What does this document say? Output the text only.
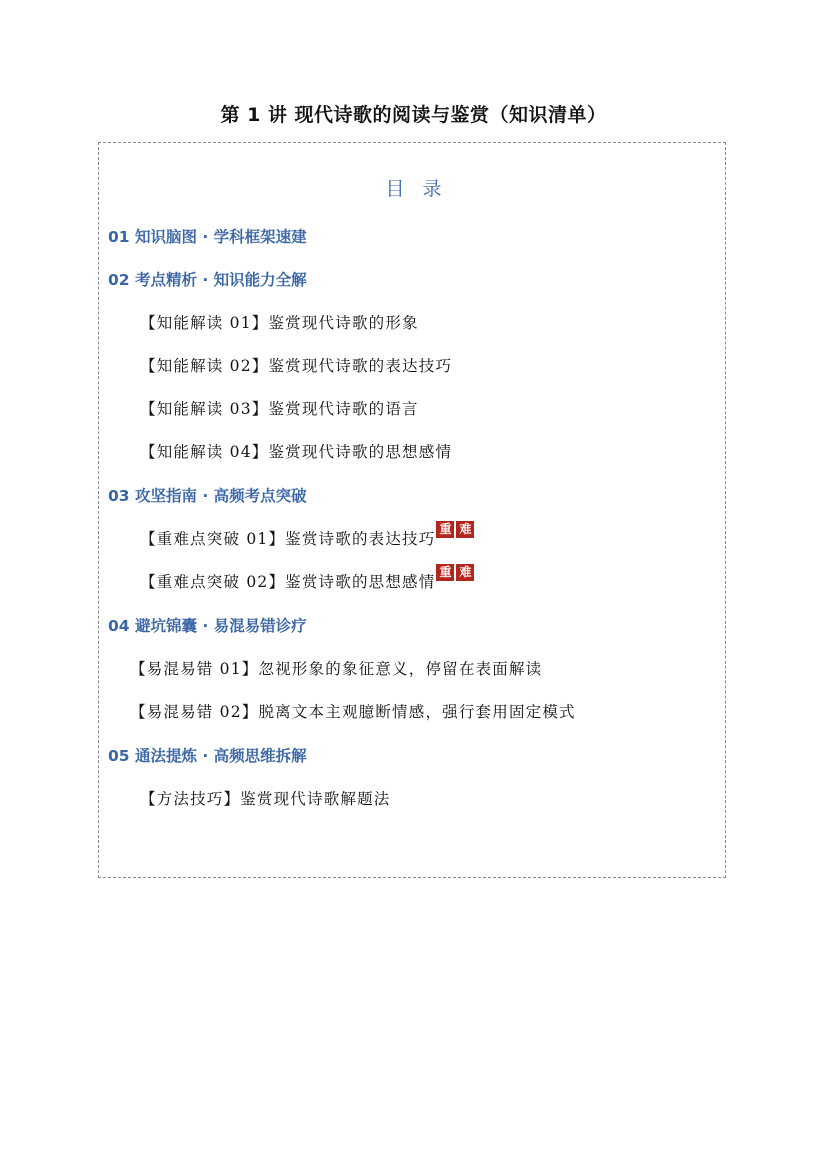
第 1 讲 现代诗歌的阅读与鉴赏（知识清单）
目录
01 知识脑图 · 学科框架速建
02 考点精析 · 知识能力全解
【知能解读 01】鉴赏现代诗歌的形象
【知能解读 02】鉴赏现代诗歌的表达技巧
【知能解读 03】鉴赏现代诗歌的语言
【知能解读 04】鉴赏现代诗歌的思想感情
03 攻坚指南 · 高频考点突破
【重难点突破 01】鉴赏诗歌的表达技巧重 难
【重难点突破 02】鉴赏诗歌的思想感情重 难
04 避坑锦囊 · 易混易错诊疗
【易混易错 01】忽视形象的象征意义，停留在表面解读
【易混易错 02】脱离文本主观臆断情感，强行套用固定模式
05 通法提炼 · 高频思维拆解
【方法技巧】鉴赏现代诗歌解题法
